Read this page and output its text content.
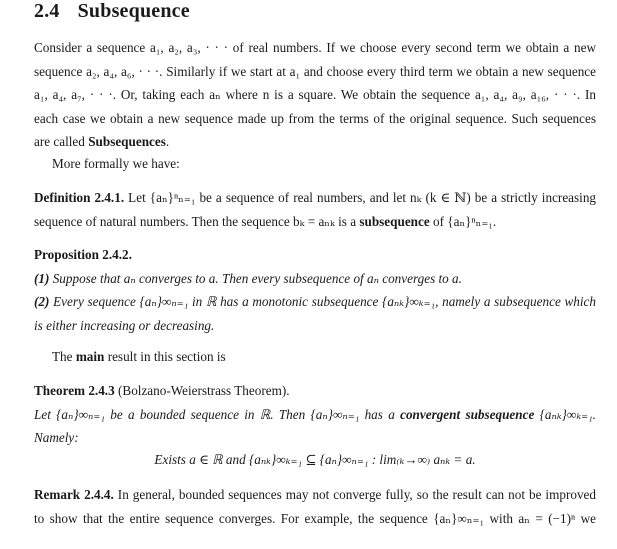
2.4 Subsequence
Consider a sequence a₁, a₂, a₃, · · · of real numbers. If we choose every second term we obtain a new
sequence a₂, a₄, a₆, · · ·. Similarly if we start at a₁ and choose every third term we obtain a new sequence
a₁, a₄, a₇, · · ·. Or, taking each aₙ where n is a square. We obtain the sequence a₁, a₄, a₉, a₁₆, · · ·. In
each case we obtain a new sequence made up from the terms of the original sequence. Such sequences
are called Subsequences.
More formally we have:
Definition 2.4.1. Let {aₙ}ⁿₙ₌₁ be a sequence of real numbers, and let nₖ (k ∈ ℕ) be a strictly increasing
sequence of natural numbers. Then the sequence bₖ = aₙₖ is a subsequence of {aₙ}ⁿₙ₌₁.
Proposition 2.4.2.
(1) Suppose that aₙ converges to a. Then every subsequence of aₙ converges to a.
(2) Every sequence {aₙ}∞ₙ₌₁ in ℝ has a monotonic subsequence {aₙₖ}∞ₖ₌₁, namely a subsequence which
is either increasing or decreasing.
The main result in this section is
Theorem 2.4.3 (Bolzano-Weierstrass Theorem).
Let {aₙ}∞ₙ₌₁ be a bounded sequence in ℝ. Then {aₙ}∞ₙ₌₁ has a convergent subsequence {aₙₖ}∞ₖ₌₁.
Namely:
Exists a ∈ ℝ and {aₙₖ}∞ₖ₌₁ ⊆ {aₙ}∞ₙ₌₁ : lim₍ₖ→∞₎ aₙₖ = a.
Remark 2.4.4. In general, bounded sequences may not converge fully, so the result can not be improved
to show that the entire sequence converges. For example, the sequence {aₙ}∞ₙ₌₁ with aₙ = (−1)ⁿ we
